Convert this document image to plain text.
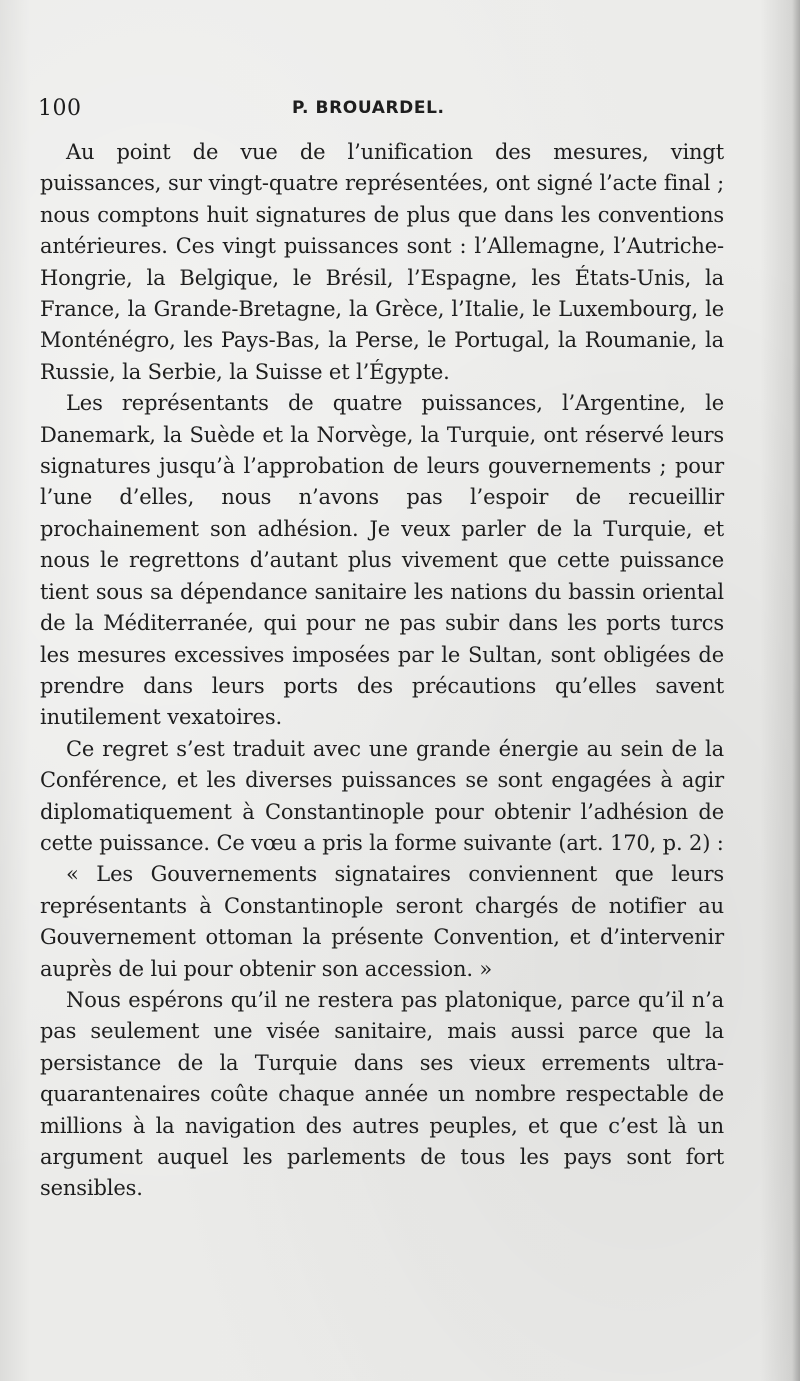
100	P. BROUARDEL.

Au point de vue de l’unification des mesures, vingt puissances, sur vingt-quatre représentées, ont signé l’acte final ; nous comptons huit signatures de plus que dans les conventions antérieures. Ces vingt puissances sont : l’Allemagne, l’Autriche-Hongrie, la Belgique, le Brésil, l’Espagne, les États-Unis, la France, la Grande-Bretagne, la Grèce, l’Italie, le Luxembourg, le Monténégro, les Pays-Bas, la Perse, le Portugal, la Roumanie, la Russie, la Serbie, la Suisse et l’Égypte.

Les représentants de quatre puissances, l’Argentine, le Danemark, la Suède et la Norvège, la Turquie, ont réservé leurs signatures jusqu’à l’approbation de leurs gouvernements ; pour l’une d’elles, nous n’avons pas l’espoir de recueillir prochainement son adhésion. Je veux parler de la Turquie, et nous le regrettons d’autant plus vivement que cette puissance tient sous sa dépendance sanitaire les nations du bassin oriental de la Méditerranée, qui pour ne pas subir dans les ports turcs les mesures excessives imposées par le Sultan, sont obligées de prendre dans leurs ports des précautions qu’elles savent inutilement vexatoires.

Ce regret s’est traduit avec une grande énergie au sein de la Conférence, et les diverses puissances se sont engagées à agir diplomatiquement à Constantinople pour obtenir l’adhésion de cette puissance. Ce vœu a pris la forme suivante (art. 170, p. 2) :

« Les Gouvernements signataires conviennent que leurs représentants à Constantinople seront chargés de notifier au Gouvernement ottoman la présente Convention, et d’intervenir auprès de lui pour obtenir son accession. »

Nous espérons qu’il ne restera pas platonique, parce qu’il n’a pas seulement une visée sanitaire, mais aussi parce que la persistance de la Turquie dans ses vieux errements ultra-quarantenaires coûte chaque année un nombre respectable de millions à la navigation des autres peuples, et que c’est là un argument auquel les parlements de tous les pays sont fort sensibles.
